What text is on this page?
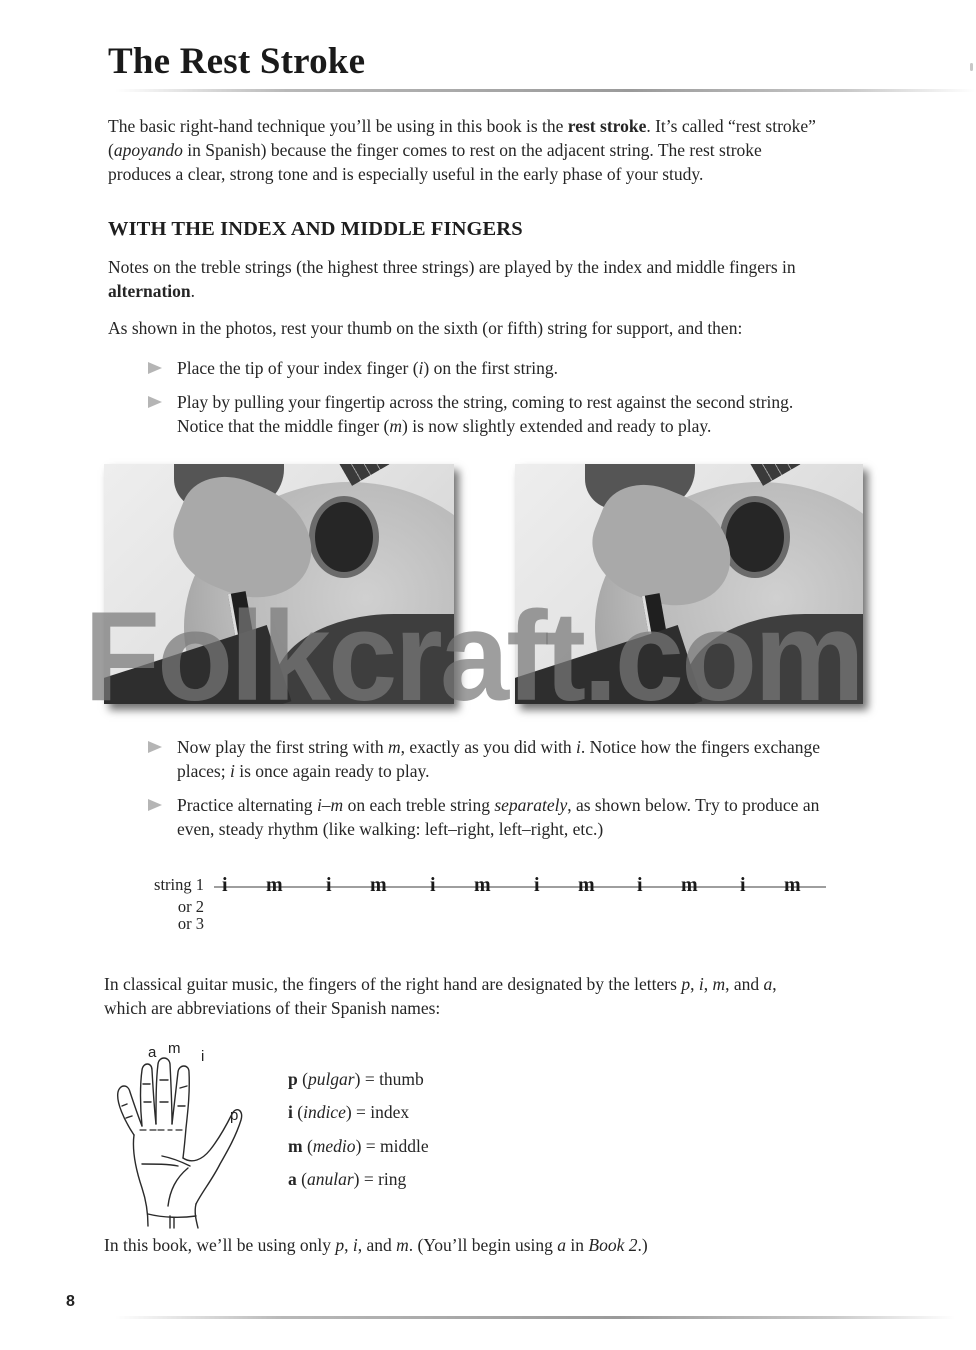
The Rest Stroke
The basic right-hand technique you’ll be using in this book is the rest stroke. It’s called “rest stroke”
(apoyando in Spanish) because the finger comes to rest on the adjacent string. The rest stroke
produces a clear, strong tone and is especially useful in the early phase of your study.
WITH THE INDEX AND MIDDLE FINGERS
Notes on the treble strings (the highest three strings) are played by the index and middle fingers in
alternation.
As shown in the photos, rest your thumb on the sixth (or fifth) string for support, and then:
Place the tip of your index finger (i) on the first string.
Play by pulling your fingertip across the string, coming to rest against the second string.
Notice that the middle finger (m) is now slightly extended and ready to play.
Folkcraft.com
Now play the first string with m, exactly as you did with i. Notice how the fingers exchange
places; i is once again ready to play.
Practice alternating i–m on each treble string separately, as shown below. Try to produce an
even, steady rhythm (like walking: left–right, left–right, etc.)
string 1
or 2
or 3
i m i m i m i m i m i m
In classical guitar music, the fingers of the right hand are designated by the letters p, i, m, and a,
which are abbreviations of their Spanish names:
a m i
p
p (pulgar) = thumb
i (indice) = index
m (medio) = middle
a (anular) = ring
In this book, we’ll be using only p, i, and m. (You’ll begin using a in Book 2.)
8
